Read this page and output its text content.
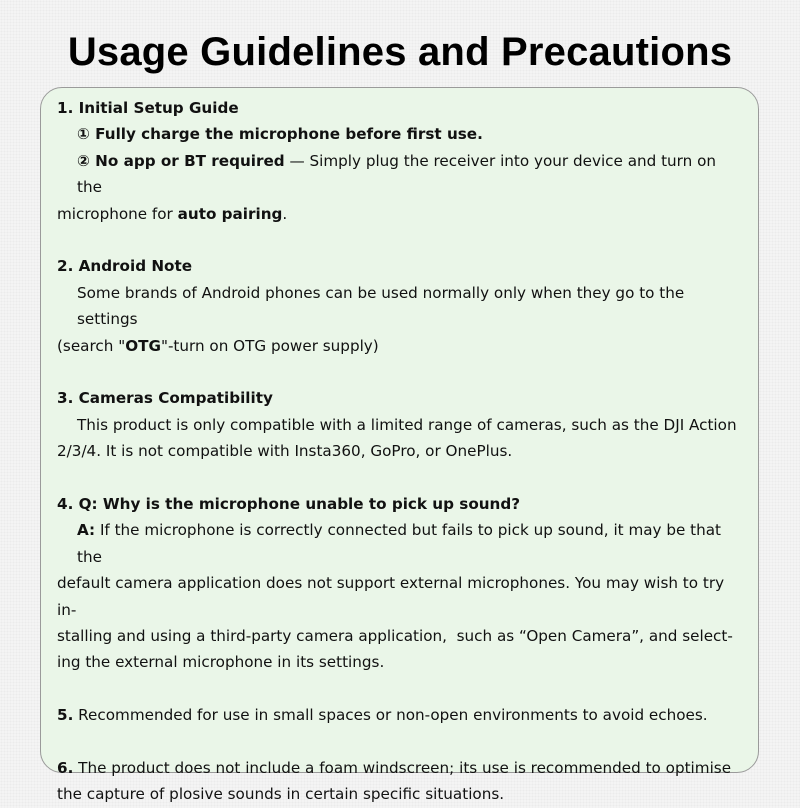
Usage Guidelines and Precautions

1. Initial Setup Guide

① Fully charge the microphone before first use.

② No app or BT required — Simply plug the receiver into your device and turn on the

microphone for auto pairing.

2. Android Note

Some brands of Android phones can be used normally only when they go to the settings

(search "OTG"-turn on OTG power supply)

3. Cameras Compatibility

This product is only compatible with a limited range of cameras, such as the DJI Action

2/3/4. It is not compatible with Insta360, GoPro, or OnePlus.

4. Q: Why is the microphone unable to pick up sound?

A: If the microphone is correctly connected but fails to pick up sound, it may be that the

default camera application does not support external microphones. You may wish to try in-

stalling and using a third-party camera application,  such as “Open Camera”, and select-

ing the external microphone in its settings.

5. Recommended for use in small spaces or non-open environments to avoid echoes.

6. The product does not include a foam windscreen; its use is recommended to optimise

the capture of plosive sounds in certain specific situations.
